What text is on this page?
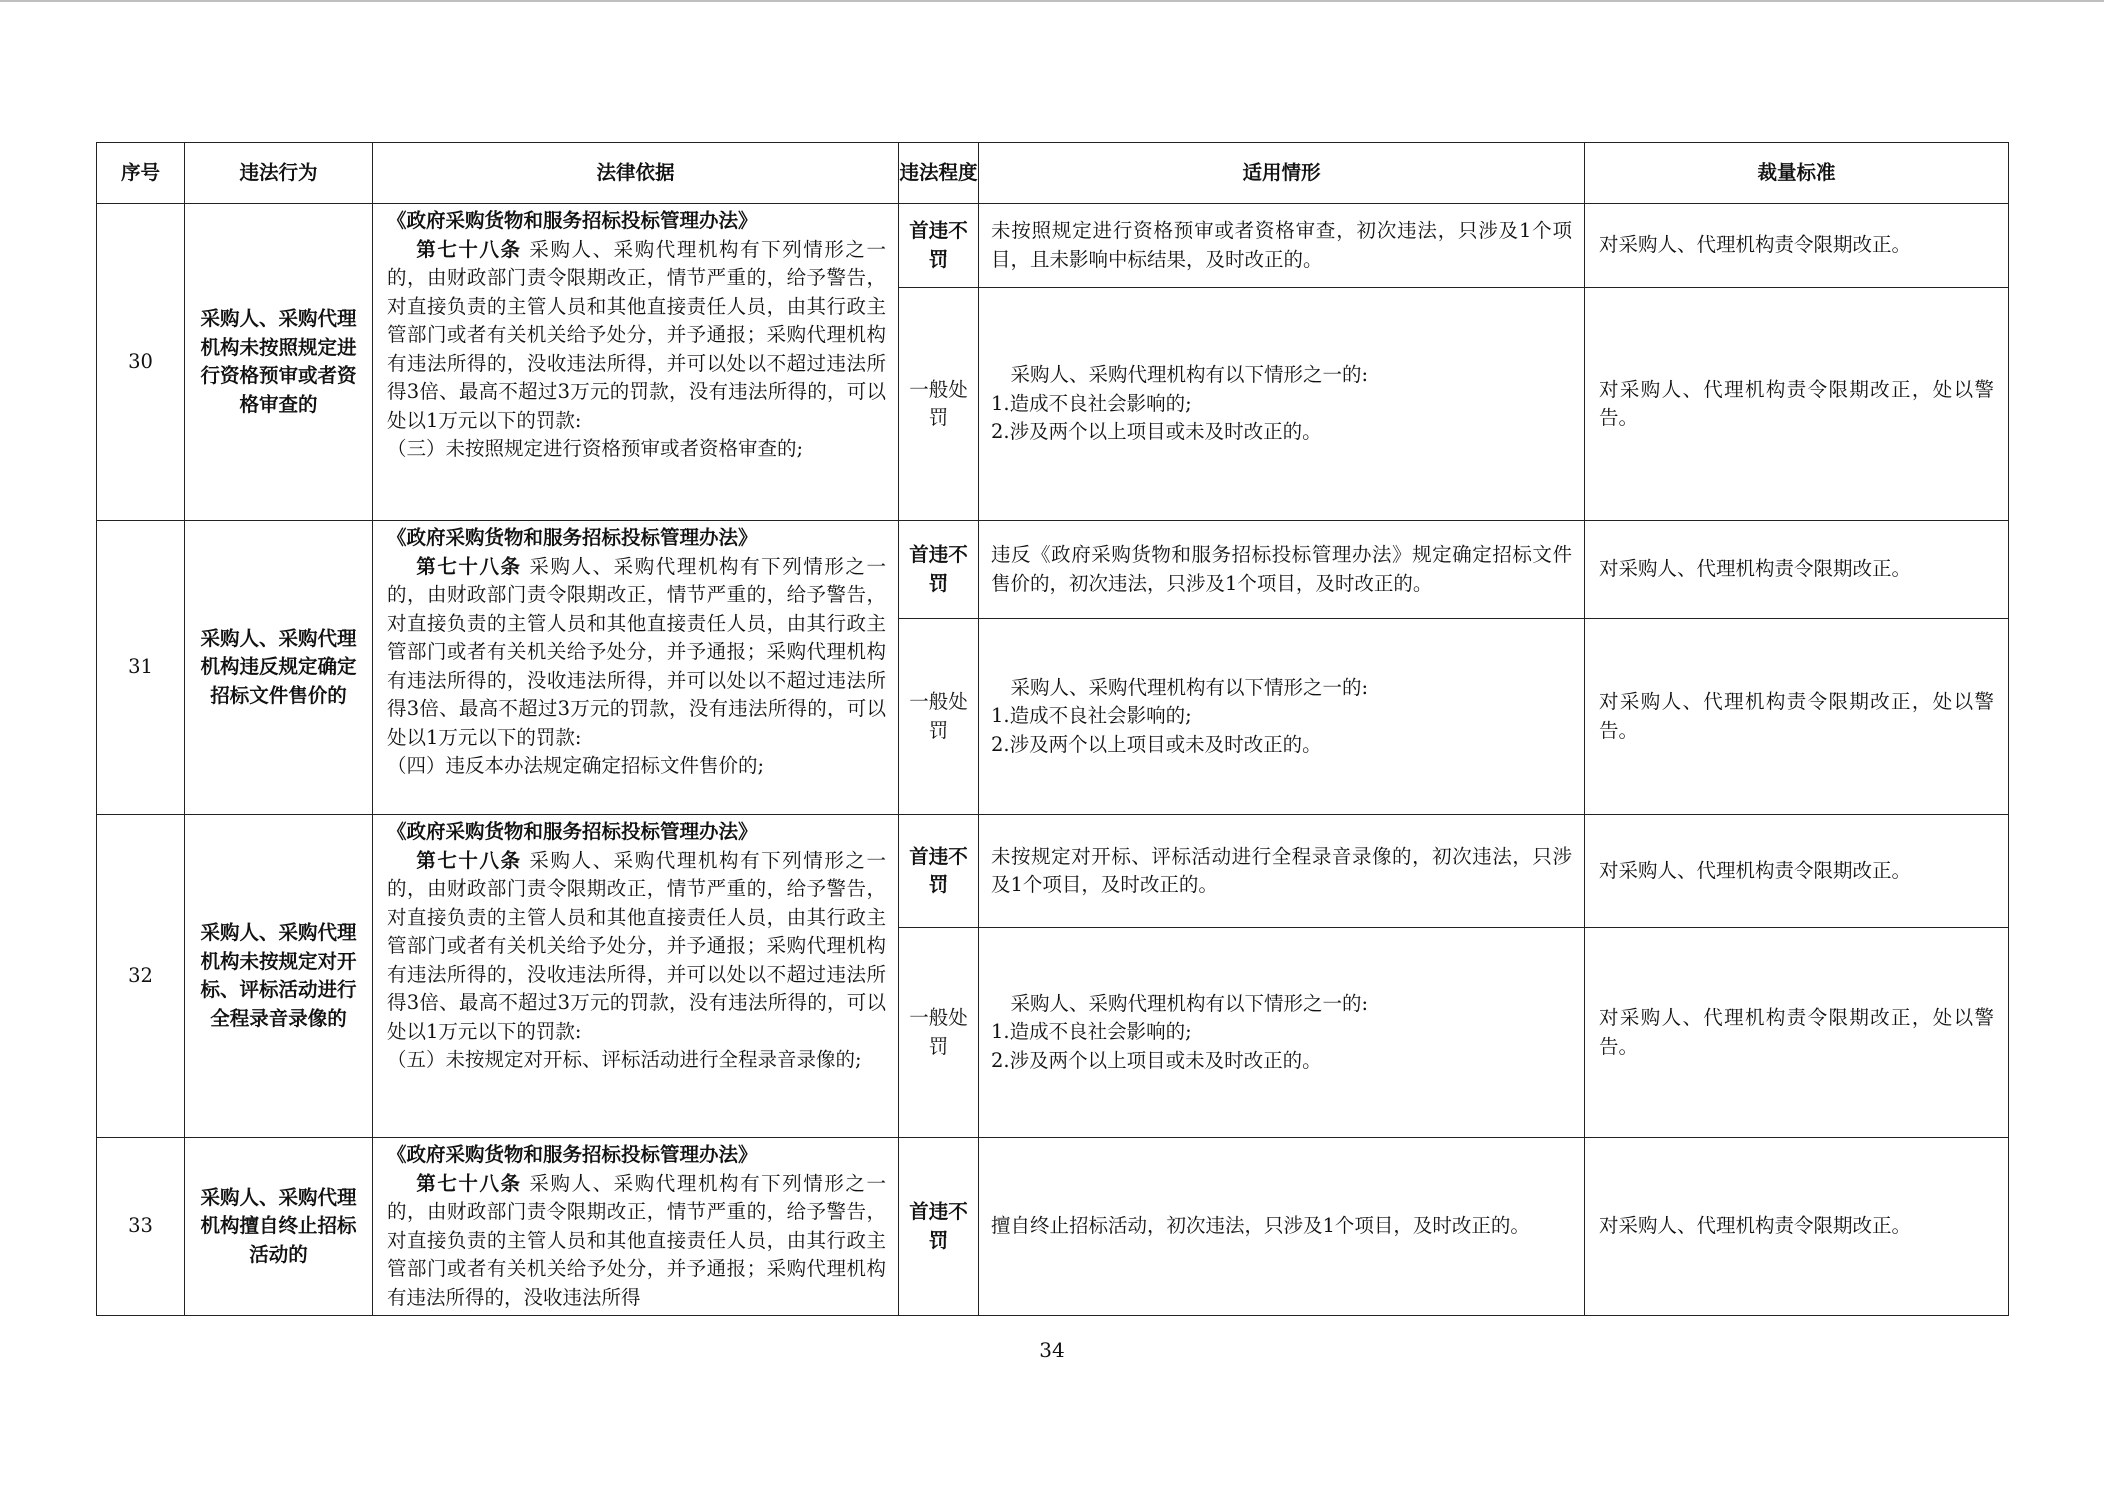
序号	违法行为	法律依据	违法程度	适用情形	裁量标准
30	采购人、采购代理机构未按照规定进行资格预审或者资格审查的	《政府采购货物和服务招标投标管理办法》
第七十八条 采购人、采购代理机构有下列情形之一的，由财政部门责令限期改正，情节严重的，给予警告，对直接负责的主管人员和其他直接责任人员，由其行政主管部门或者有关机关给予处分，并予通报；采购代理机构有违法所得的，没收违法所得，并可以处以不超过违法所得3倍、最高不超过3万元的罚款，没有违法所得的，可以处以1万元以下的罚款:
（三）未按照规定进行资格预审或者资格审查的;	首违不罚	未按照规定进行资格预审或者资格审查，初次违法，只涉及1个项目，且未影响中标结果，及时改正的。	对采购人、代理机构责令限期改正。
			一般处罚	采购人、采购代理机构有以下情形之一的:
1.造成不良社会影响的;
2.涉及两个以上项目或未及时改正的。	对采购人、代理机构责令限期改正，处以警告。
31	采购人、采购代理机构违反规定确定招标文件售价的	《政府采购货物和服务招标投标管理办法》
第七十八条 采购人、采购代理机构有下列情形之一的，由财政部门责令限期改正，情节严重的，给予警告，对直接负责的主管人员和其他直接责任人员，由其行政主管部门或者有关机关给予处分，并予通报；采购代理机构有违法所得的，没收违法所得，并可以处以不超过违法所得3倍、最高不超过3万元的罚款，没有违法所得的，可以处以1万元以下的罚款:
（四）违反本办法规定确定招标文件售价的;	首违不罚	违反《政府采购货物和服务招标投标管理办法》规定确定招标文件售价的，初次违法，只涉及1个项目，及时改正的。	对采购人、代理机构责令限期改正。
			一般处罚	采购人、采购代理机构有以下情形之一的:
1.造成不良社会影响的;
2.涉及两个以上项目或未及时改正的。	对采购人、代理机构责令限期改正，处以警告。
32	采购人、采购代理机构未按规定对开标、评标活动进行全程录音录像的	《政府采购货物和服务招标投标管理办法》
第七十八条 采购人、采购代理机构有下列情形之一的，由财政部门责令限期改正，情节严重的，给予警告，对直接负责的主管人员和其他直接责任人员，由其行政主管部门或者有关机关给予处分，并予通报；采购代理机构有违法所得的，没收违法所得，并可以处以不超过违法所得3倍、最高不超过3万元的罚款，没有违法所得的，可以处以1万元以下的罚款:
（五）未按规定对开标、评标活动进行全程录音录像的;	首违不罚	未按规定对开标、评标活动进行全程录音录像的，初次违法，只涉及1个项目，及时改正的。	对采购人、代理机构责令限期改正。
			一般处罚	采购人、采购代理机构有以下情形之一的:
1.造成不良社会影响的;
2.涉及两个以上项目或未及时改正的。	对采购人、代理机构责令限期改正，处以警告。
33	采购人、采购代理机构擅自终止招标活动的	《政府采购货物和服务招标投标管理办法》
第七十八条 采购人、采购代理机构有下列情形之一的，由财政部门责令限期改正，情节严重的，给予警告，对直接负责的主管人员和其他直接责任人员，由其行政主管部门或者有关机关给予处分，并予通报；采购代理机构有违法所得的，没收违法所得	首违不罚	擅自终止招标活动，初次违法，只涉及1个项目，及时改正的。	对采购人、代理机构责令限期改正。
34
